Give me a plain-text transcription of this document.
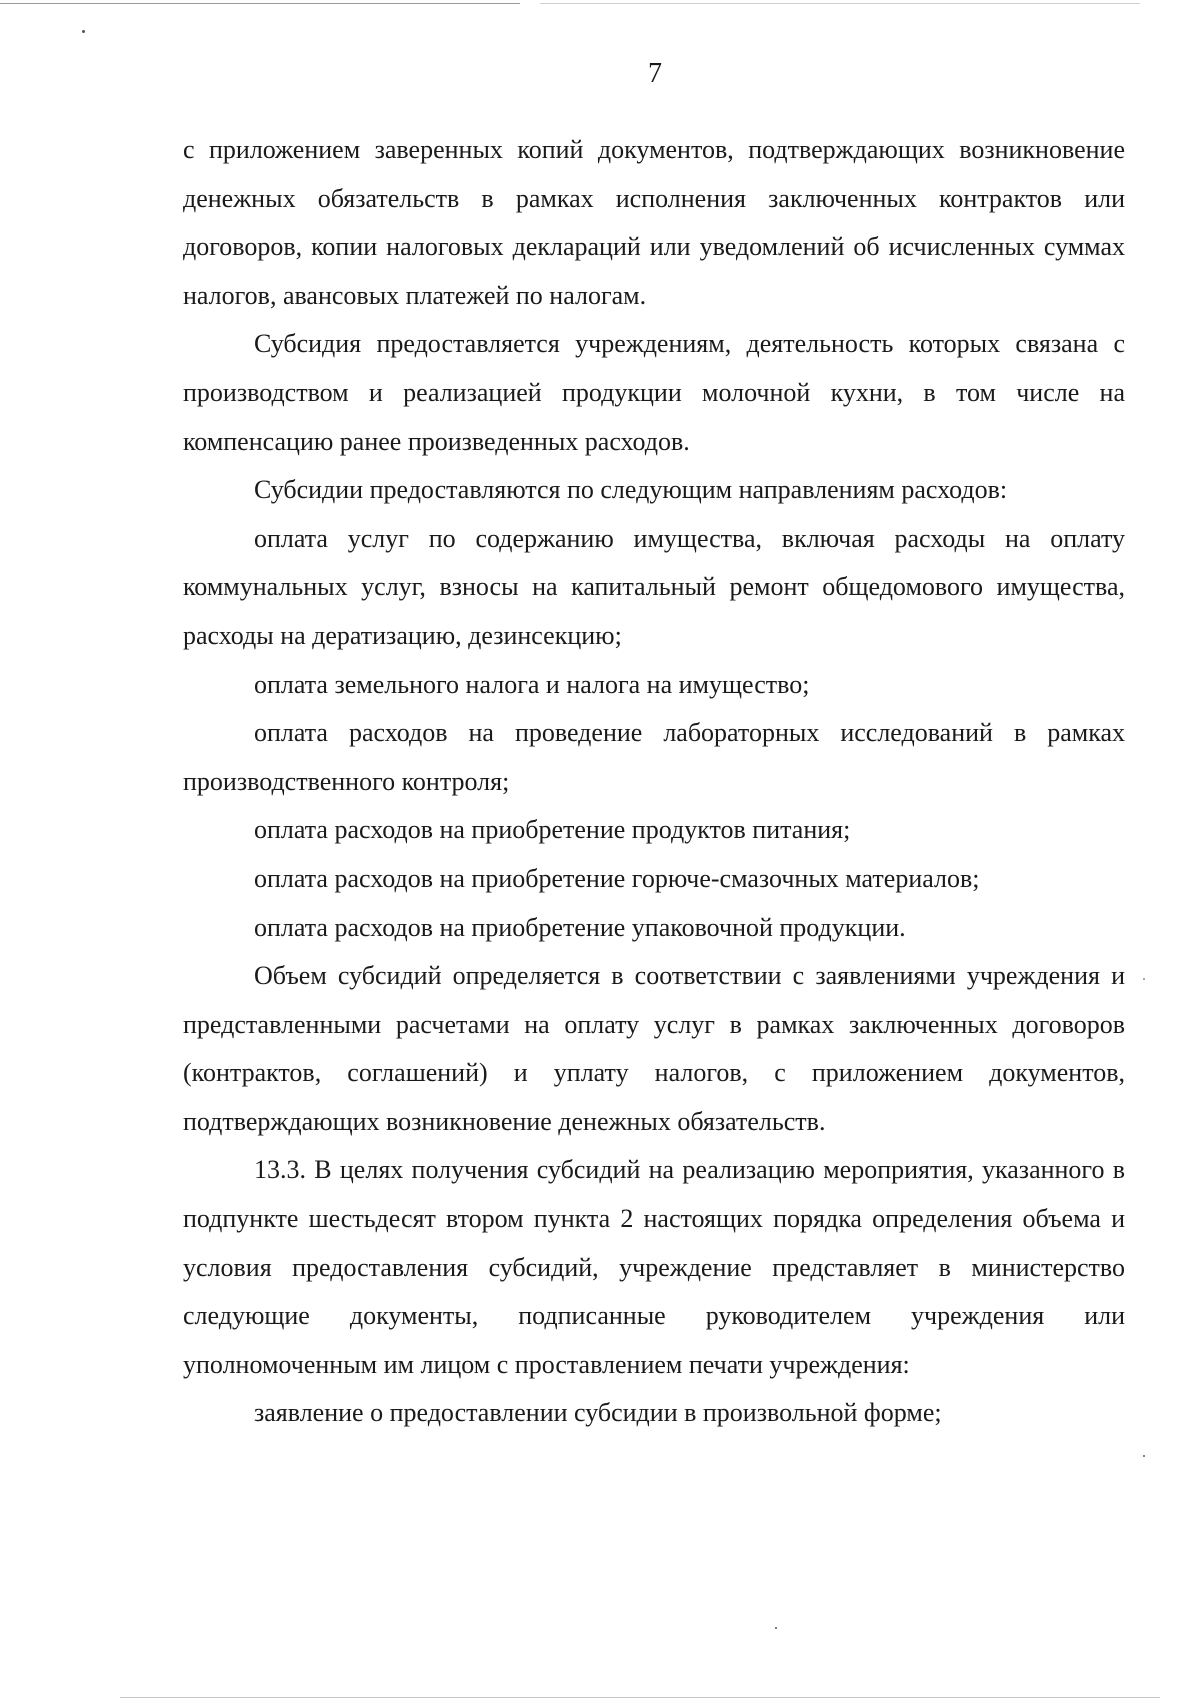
7

с приложением заверенных копий документов, подтверждающих возникновение денежных обязательств в рамках исполнения заключенных контрактов или договоров, копии налоговых деклараций или уведомлений об исчисленных суммах налогов, авансовых платежей по налогам.

Субсидия предоставляется учреждениям, деятельность которых связана с производством и реализацией продукции молочной кухни, в том числе на компенсацию ранее произведенных расходов.

Субсидии предоставляются по следующим направлениям расходов:

оплата услуг по содержанию имущества, включая расходы на оплату коммунальных услуг, взносы на капитальный ремонт общедомового имущества, расходы на дератизацию, дезинсекцию;

оплата земельного налога и налога на имущество;

оплата расходов на проведение лабораторных исследований в рамках производственного контроля;

оплата расходов на приобретение продуктов питания;

оплата расходов на приобретение горюче-смазочных материалов;

оплата расходов на приобретение упаковочной продукции.

Объем субсидий определяется в соответствии с заявлениями учреждения и представленными расчетами на оплату услуг в рамках заключенных договоров (контрактов, соглашений) и уплату налогов, с приложением документов, подтверждающих возникновение денежных обязательств.

13.3. В целях получения субсидий на реализацию мероприятия, указанного в подпункте шестьдесят втором пункта 2 настоящих порядка определения объема и условия предоставления субсидий, учреждение представляет в министерство следующие документы, подписанные руководителем учреждения или уполномоченным им лицом с проставлением печати учреждения:

заявление о предоставлении субсидии в произвольной форме;
